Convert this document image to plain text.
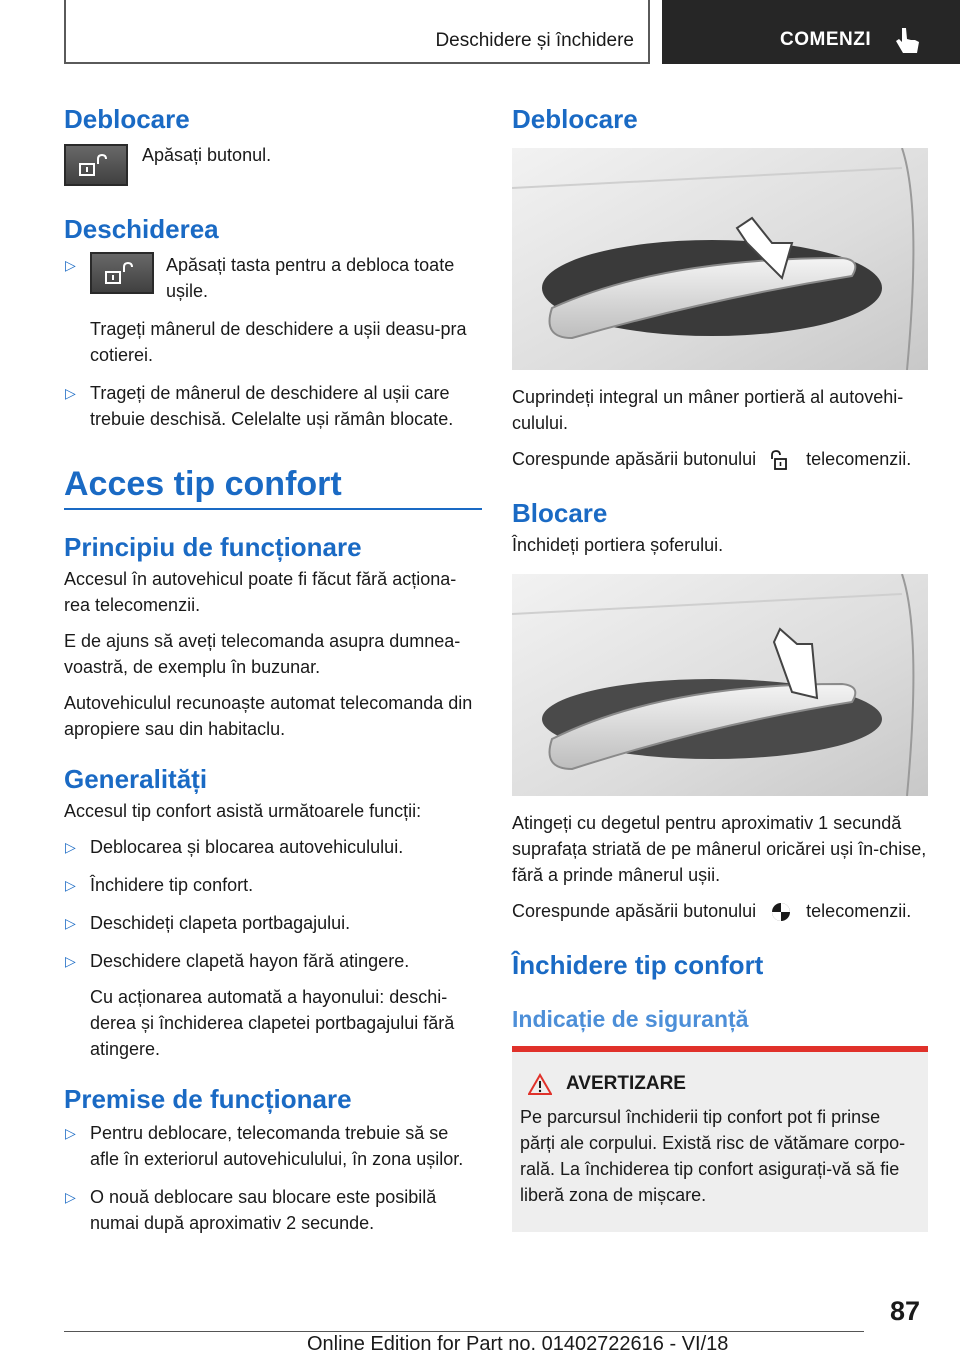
Deschidere și închidere	COMENZI
Deblocare

Apăsați butonul.

Deschiderea
▷	Apăsați tasta pentru a debloca toate ușile.

Trageți mânerul de deschidere a ușii deasu-pra cotierei.

▷ Trageți de mânerul de deschidere al ușii care trebuie deschisă. Celelalte uși rămân blocate.

Acces tip confort
Principiu de funcționare

Accesul în autovehicul poate fi făcut fără acționa-rea telecomenzii.

E de ajuns să aveți telecomanda asupra dumnea-voastră, de exemplu în buzunar.

Autovehiculul recunoaște automat telecomanda din apropiere sau din habitaclu.

Generalități

Accesul tip confort asistă următoarele funcții:

▷ Deblocarea și blocarea autovehiculului.

▷ Închidere tip confort.

▷ Deschideți clapeta portbagajului.

▷ Deschidere clapetă hayon fără atingere.

Cu acționarea automată a hayonului: deschi-derea și închiderea clapetei portbagajului fără atingere.

Premise de funcționare
▷ Pentru deblocare, telecomanda trebuie să se afle în exteriorul autovehiculului, în zona ușilor.

▷ O nouă deblocare sau blocare este posibilă numai după aproximativ 2 secunde.

Deblocare

Cuprindeți integral un mâner portieră al autovehi-culului.

Corespunde apăsării butonului	telecomenzii.

Blocare

Închideți portiera șoferului.

Atingeți cu degetul pentru aproximativ 1 secundă suprafața striată de pe mânerul oricărei uși în-chise, fără a prinde mânerul ușii.

Corespunde apăsării butonului	telecomenzii.

Închidere tip confort
Indicație de siguranță
AVERTIZARE

Pe parcursul închiderii tip confort pot fi prinse părți ale corpului. Există risc de vătămare corpo-rală. La închiderea tip confort asigurați-vă să fie liberă zona de mișcare.

87
Online Edition for Part no. 01402722616 - VI/18
